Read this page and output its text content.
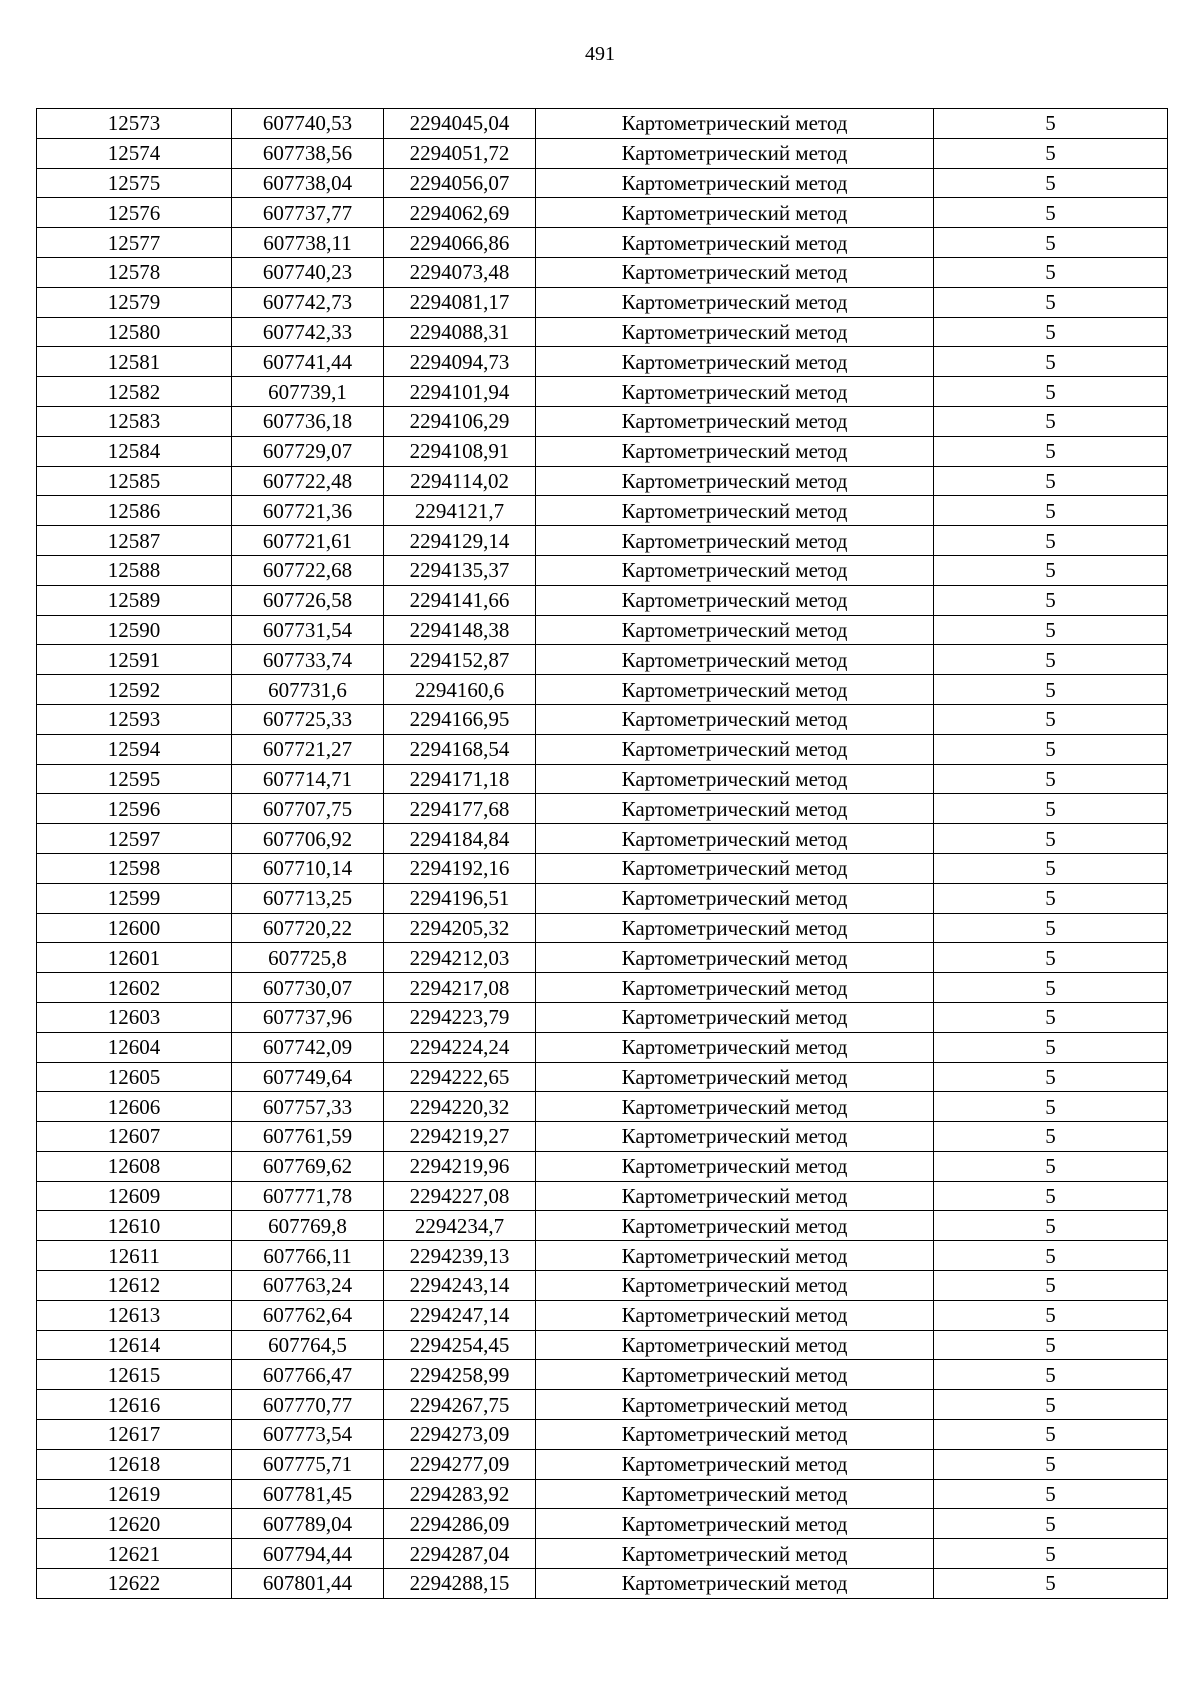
491
12573	607740,53	2294045,04	Картометрический метод	5
12574	607738,56	2294051,72	Картометрический метод	5
12575	607738,04	2294056,07	Картометрический метод	5
12576	607737,77	2294062,69	Картометрический метод	5
12577	607738,11	2294066,86	Картометрический метод	5
12578	607740,23	2294073,48	Картометрический метод	5
12579	607742,73	2294081,17	Картометрический метод	5
12580	607742,33	2294088,31	Картометрический метод	5
12581	607741,44	2294094,73	Картометрический метод	5
12582	607739,1	2294101,94	Картометрический метод	5
12583	607736,18	2294106,29	Картометрический метод	5
12584	607729,07	2294108,91	Картометрический метод	5
12585	607722,48	2294114,02	Картометрический метод	5
12586	607721,36	2294121,7	Картометрический метод	5
12587	607721,61	2294129,14	Картометрический метод	5
12588	607722,68	2294135,37	Картометрический метод	5
12589	607726,58	2294141,66	Картометрический метод	5
12590	607731,54	2294148,38	Картометрический метод	5
12591	607733,74	2294152,87	Картометрический метод	5
12592	607731,6	2294160,6	Картометрический метод	5
12593	607725,33	2294166,95	Картометрический метод	5
12594	607721,27	2294168,54	Картометрический метод	5
12595	607714,71	2294171,18	Картометрический метод	5
12596	607707,75	2294177,68	Картометрический метод	5
12597	607706,92	2294184,84	Картометрический метод	5
12598	607710,14	2294192,16	Картометрический метод	5
12599	607713,25	2294196,51	Картометрический метод	5
12600	607720,22	2294205,32	Картометрический метод	5
12601	607725,8	2294212,03	Картометрический метод	5
12602	607730,07	2294217,08	Картометрический метод	5
12603	607737,96	2294223,79	Картометрический метод	5
12604	607742,09	2294224,24	Картометрический метод	5
12605	607749,64	2294222,65	Картометрический метод	5
12606	607757,33	2294220,32	Картометрический метод	5
12607	607761,59	2294219,27	Картометрический метод	5
12608	607769,62	2294219,96	Картометрический метод	5
12609	607771,78	2294227,08	Картометрический метод	5
12610	607769,8	2294234,7	Картометрический метод	5
12611	607766,11	2294239,13	Картометрический метод	5
12612	607763,24	2294243,14	Картометрический метод	5
12613	607762,64	2294247,14	Картометрический метод	5
12614	607764,5	2294254,45	Картометрический метод	5
12615	607766,47	2294258,99	Картометрический метод	5
12616	607770,77	2294267,75	Картометрический метод	5
12617	607773,54	2294273,09	Картометрический метод	5
12618	607775,71	2294277,09	Картометрический метод	5
12619	607781,45	2294283,92	Картометрический метод	5
12620	607789,04	2294286,09	Картометрический метод	5
12621	607794,44	2294287,04	Картометрический метод	5
12622	607801,44	2294288,15	Картометрический метод	5
